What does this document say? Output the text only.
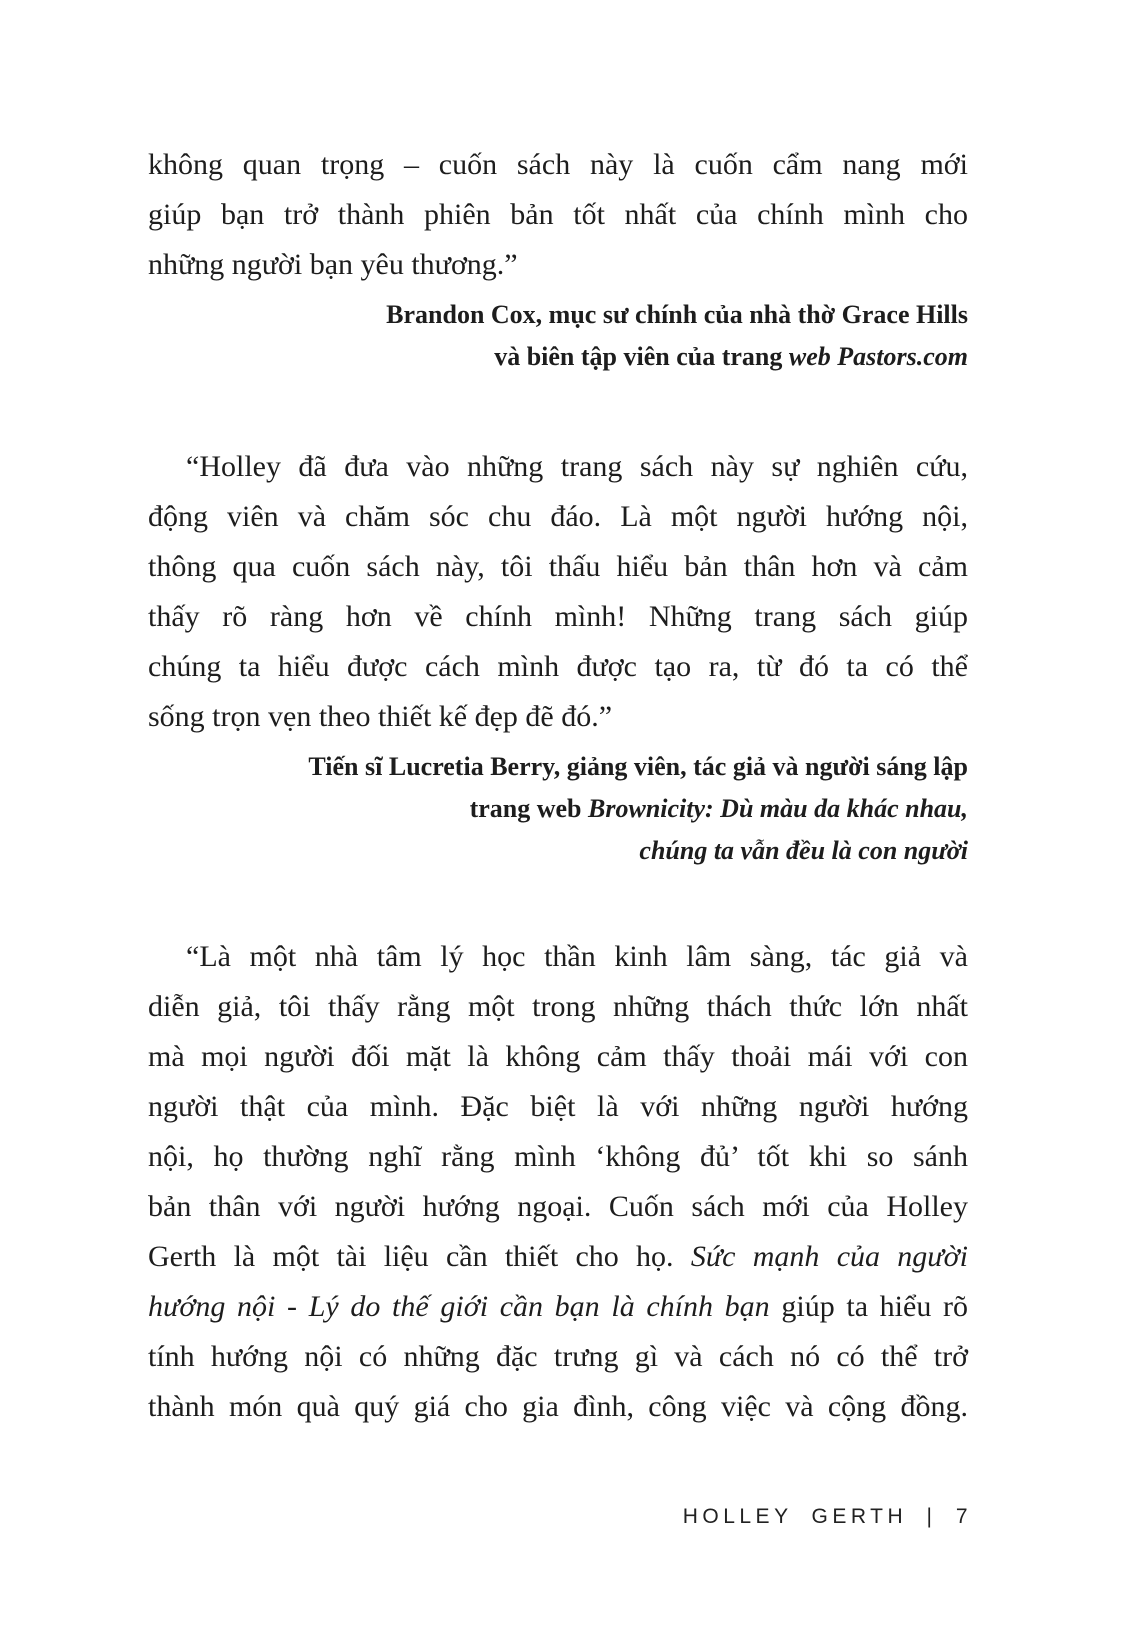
không quan trọng – cuốn sách này là cuốn cẩm nang mới
giúp bạn trở thành phiên bản tốt nhất của chính mình cho
những người bạn yêu thương.”
Brandon Cox, mục sư chính của nhà thờ Grace Hills
và biên tập viên của trang web Pastors.com
“Holley đã đưa vào những trang sách này sự nghiên cứu,
động viên và chăm sóc chu đáo. Là một người hướng nội,
thông qua cuốn sách này, tôi thấu hiểu bản thân hơn và cảm
thấy rõ ràng hơn về chính mình! Những trang sách giúp
chúng ta hiểu được cách mình được tạo ra, từ đó ta có thể
sống trọn vẹn theo thiết kế đẹp đẽ đó.”
Tiến sĩ Lucretia Berry, giảng viên, tác giả và người sáng lập
trang web Brownicity: Dù màu da khác nhau,
chúng ta vẫn đều là con người
“Là một nhà tâm lý học thần kinh lâm sàng, tác giả và
diễn giả, tôi thấy rằng một trong những thách thức lớn nhất
mà mọi người đối mặt là không cảm thấy thoải mái với con
người thật của mình. Đặc biệt là với những người hướng
nội, họ thường nghĩ rằng mình ‘không đủ’ tốt khi so sánh
bản thân với người hướng ngoại. Cuốn sách mới của Holley
Gerth là một tài liệu cần thiết cho họ. Sức mạnh của người
hướng nội - Lý do thế giới cần bạn là chính bạn giúp ta hiểu rõ
tính hướng nội có những đặc trưng gì và cách nó có thể trở
thành món quà quý giá cho gia đình, công việc và cộng đồng.
HOLLEY GERTH | 7
